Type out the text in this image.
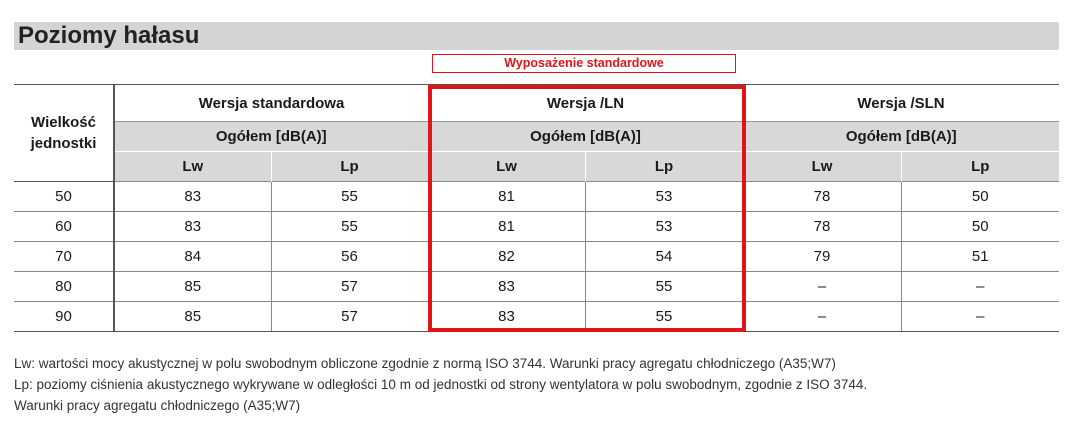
Poziomy hałasu
Wyposażenie standardowe
Wielkość jednostki	Wersja standardowa		Wersja /LN		Wersja /SLN	
	Ogółem [dB(A)]		Ogółem [dB(A)]		Ogółem [dB(A)]	
	Lw	Lp	Lw	Lp	Lw	Lp
50	83	55	81	53	78	50
60	83	55	81	53	78	50
70	84	56	82	54	79	51
80	85	57	83	55	–	–
90	85	57	83	55	–	–
Lw: wartości mocy akustycznej w polu swobodnym obliczone zgodnie z normą ISO 3744. Warunki pracy agregatu chłodniczego (A35;W7)
Lp: poziomy ciśnienia akustycznego wykrywane w odległości 10 m od jednostki od strony wentylatora w polu swobodnym, zgodnie z ISO 3744.
Warunki pracy agregatu chłodniczego (A35;W7)
